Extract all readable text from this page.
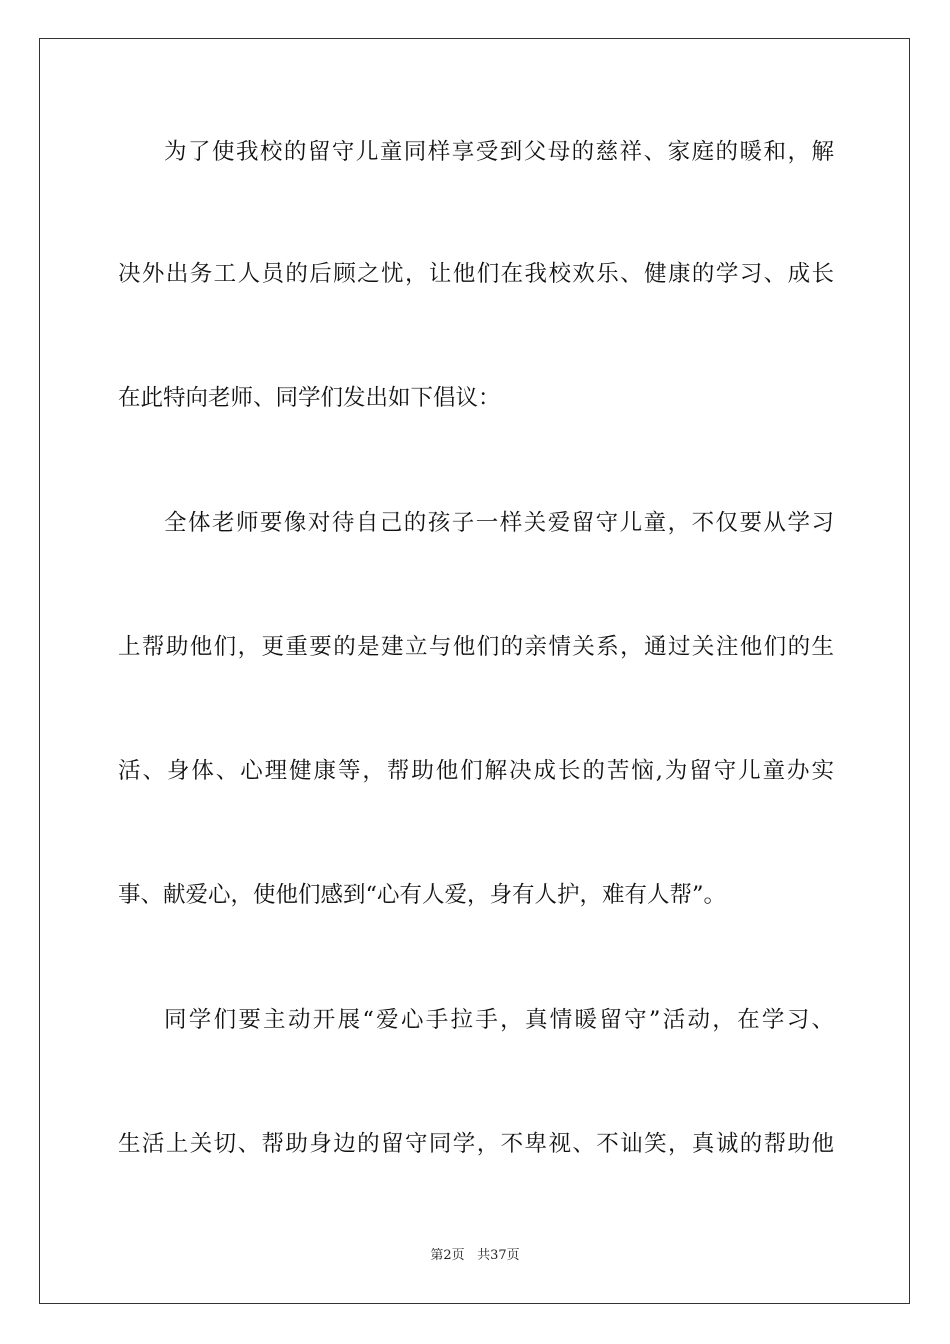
为了使我校的留守儿童同样享受到父母的慈祥、家庭的暖和，解
决外出务工人员的后顾之忧，让他们在我校欢乐、健康的学习、成长
在此特向老师、同学们发出如下倡议：
全体老师要像对待自己的孩子一样关爱留守儿童，不仅要从学习
上帮助他们，更重要的是建立与他们的亲情关系，通过关注他们的生
活、身体、心理健康等，帮助他们解决成长的苦恼,为留守儿童办实
事、献爱心，使他们感到“心有人爱，身有人护，难有人帮”。
同学们要主动开展“爱心手拉手，真情暖留守”活动，在学习、
生活上关切、帮助身边的留守同学，不卑视、不讪笑，真诚的帮助他
第2页 共37页
